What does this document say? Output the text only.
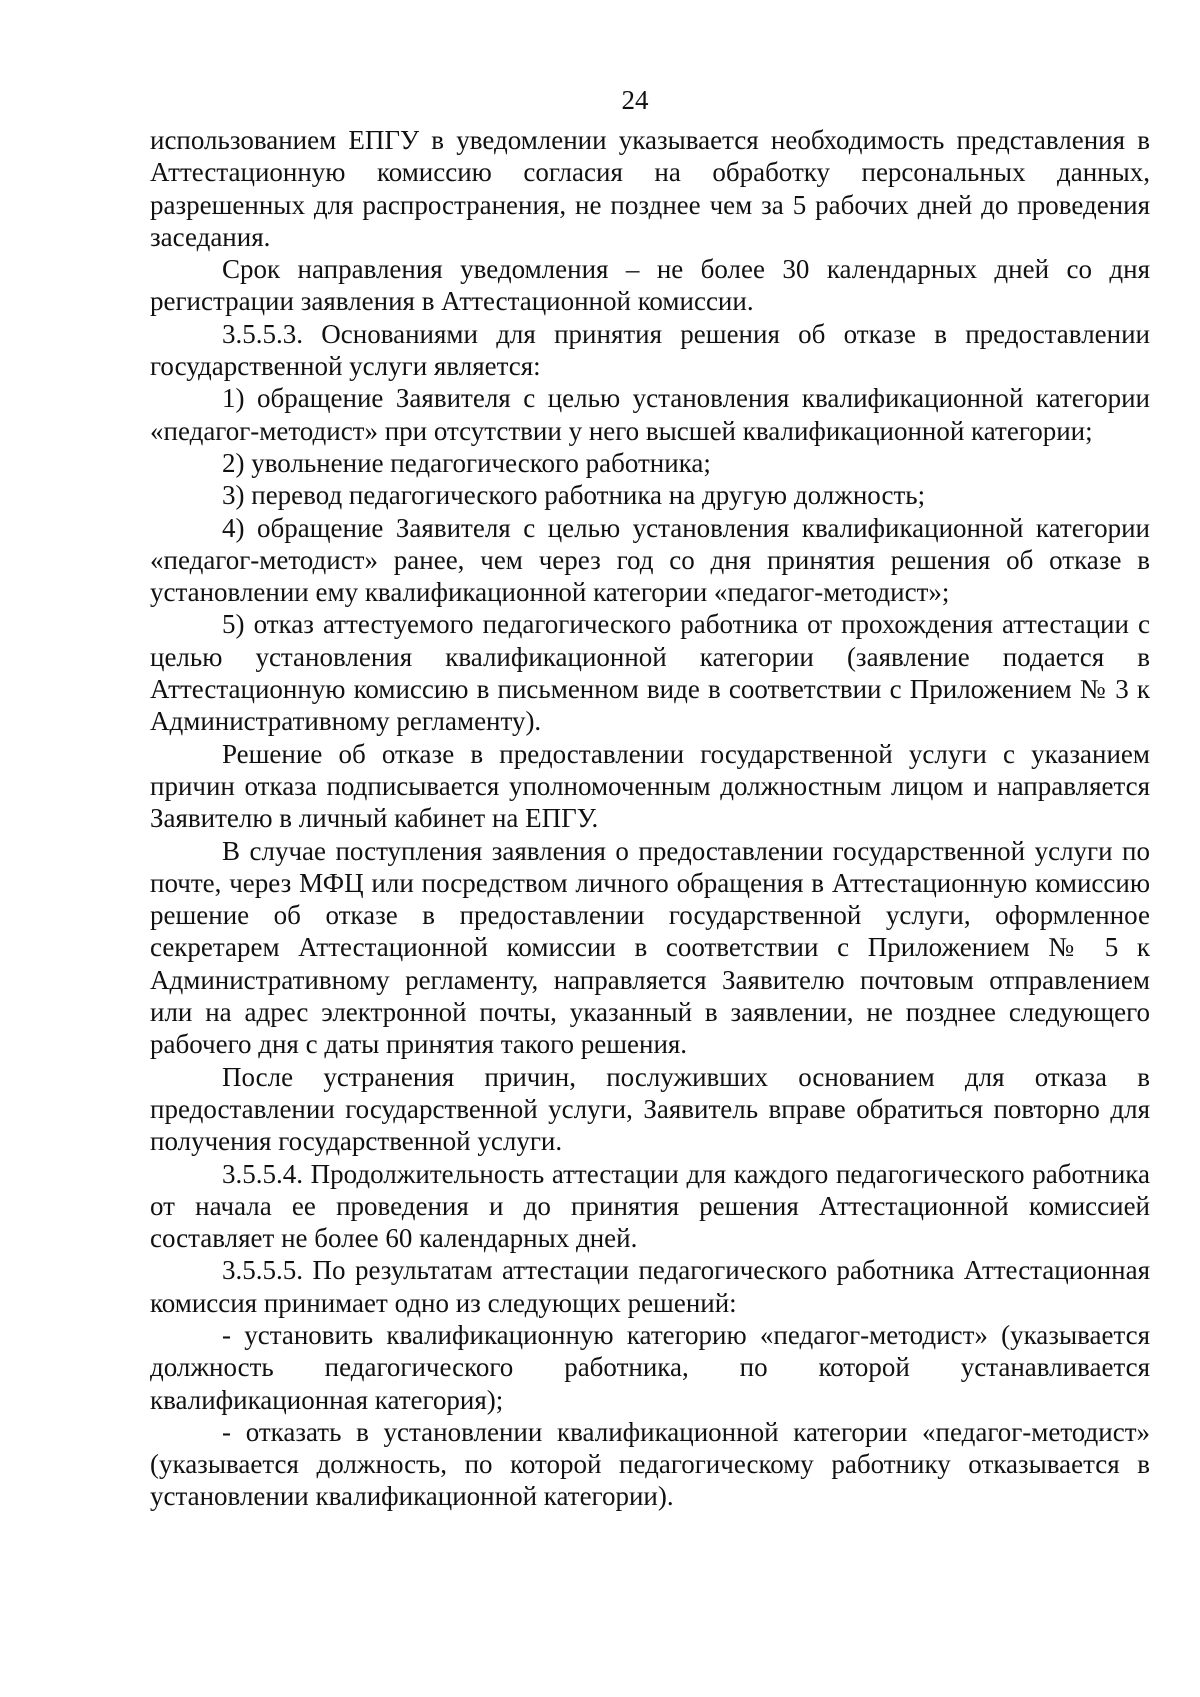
24

использованием ЕПГУ в уведомлении указывается необходимость представления в Аттестационную комиссию согласия на обработку персональных данных, разрешенных для распространения, не позднее чем за 5 рабочих дней до проведения заседания.

Срок направления уведомления – не более 30 календарных дней со дня регистрации заявления в Аттестационной комиссии.

3.5.5.3. Основаниями для принятия решения об отказе в предоставлении государственной услуги является:

1) обращение Заявителя с целью установления квалификационной категории «педагог-методист» при отсутствии у него высшей квалификационной категории;

2) увольнение педагогического работника;

3) перевод педагогического работника на другую должность;

4) обращение Заявителя с целью установления квалификационной категории «педагог-методист» ранее, чем через год со дня принятия решения об отказе в установлении ему квалификационной категории «педагог-методист»;

5) отказ аттестуемого педагогического работника от прохождения аттестации с целью установления квалификационной категории (заявление подается в Аттестационную комиссию в письменном виде в соответствии с Приложением № 3 к Административному регламенту).

Решение об отказе в предоставлении государственной услуги с указанием причин отказа подписывается уполномоченным должностным лицом и направляется Заявителю в личный кабинет на ЕПГУ.

В случае поступления заявления о предоставлении государственной услуги по почте, через МФЦ или посредством личного обращения в Аттестационную комиссию решение об отказе в предоставлении государственной услуги, оформленное секретарем Аттестационной комиссии в соответствии с Приложением № 5 к Административному регламенту, направляется Заявителю почтовым отправлением или на адрес электронной почты, указанный в заявлении, не позднее следующего рабочего дня с даты принятия такого решения.

После устранения причин, послуживших основанием для отказа в предоставлении государственной услуги, Заявитель вправе обратиться повторно для получения государственной услуги.

3.5.5.4. Продолжительность аттестации для каждого педагогического работника от начала ее проведения и до принятия решения Аттестационной комиссией составляет не более 60 календарных дней.

3.5.5.5. По результатам аттестации педагогического работника Аттестационная комиссия принимает одно из следующих решений:

- установить квалификационную категорию «педагог-методист» (указывается должность педагогического работника, по которой устанавливается квалификационная категория);

- отказать в установлении квалификационной категории «педагог-методист» (указывается должность, по которой педагогическому работнику отказывается в установлении квалификационной категории).
